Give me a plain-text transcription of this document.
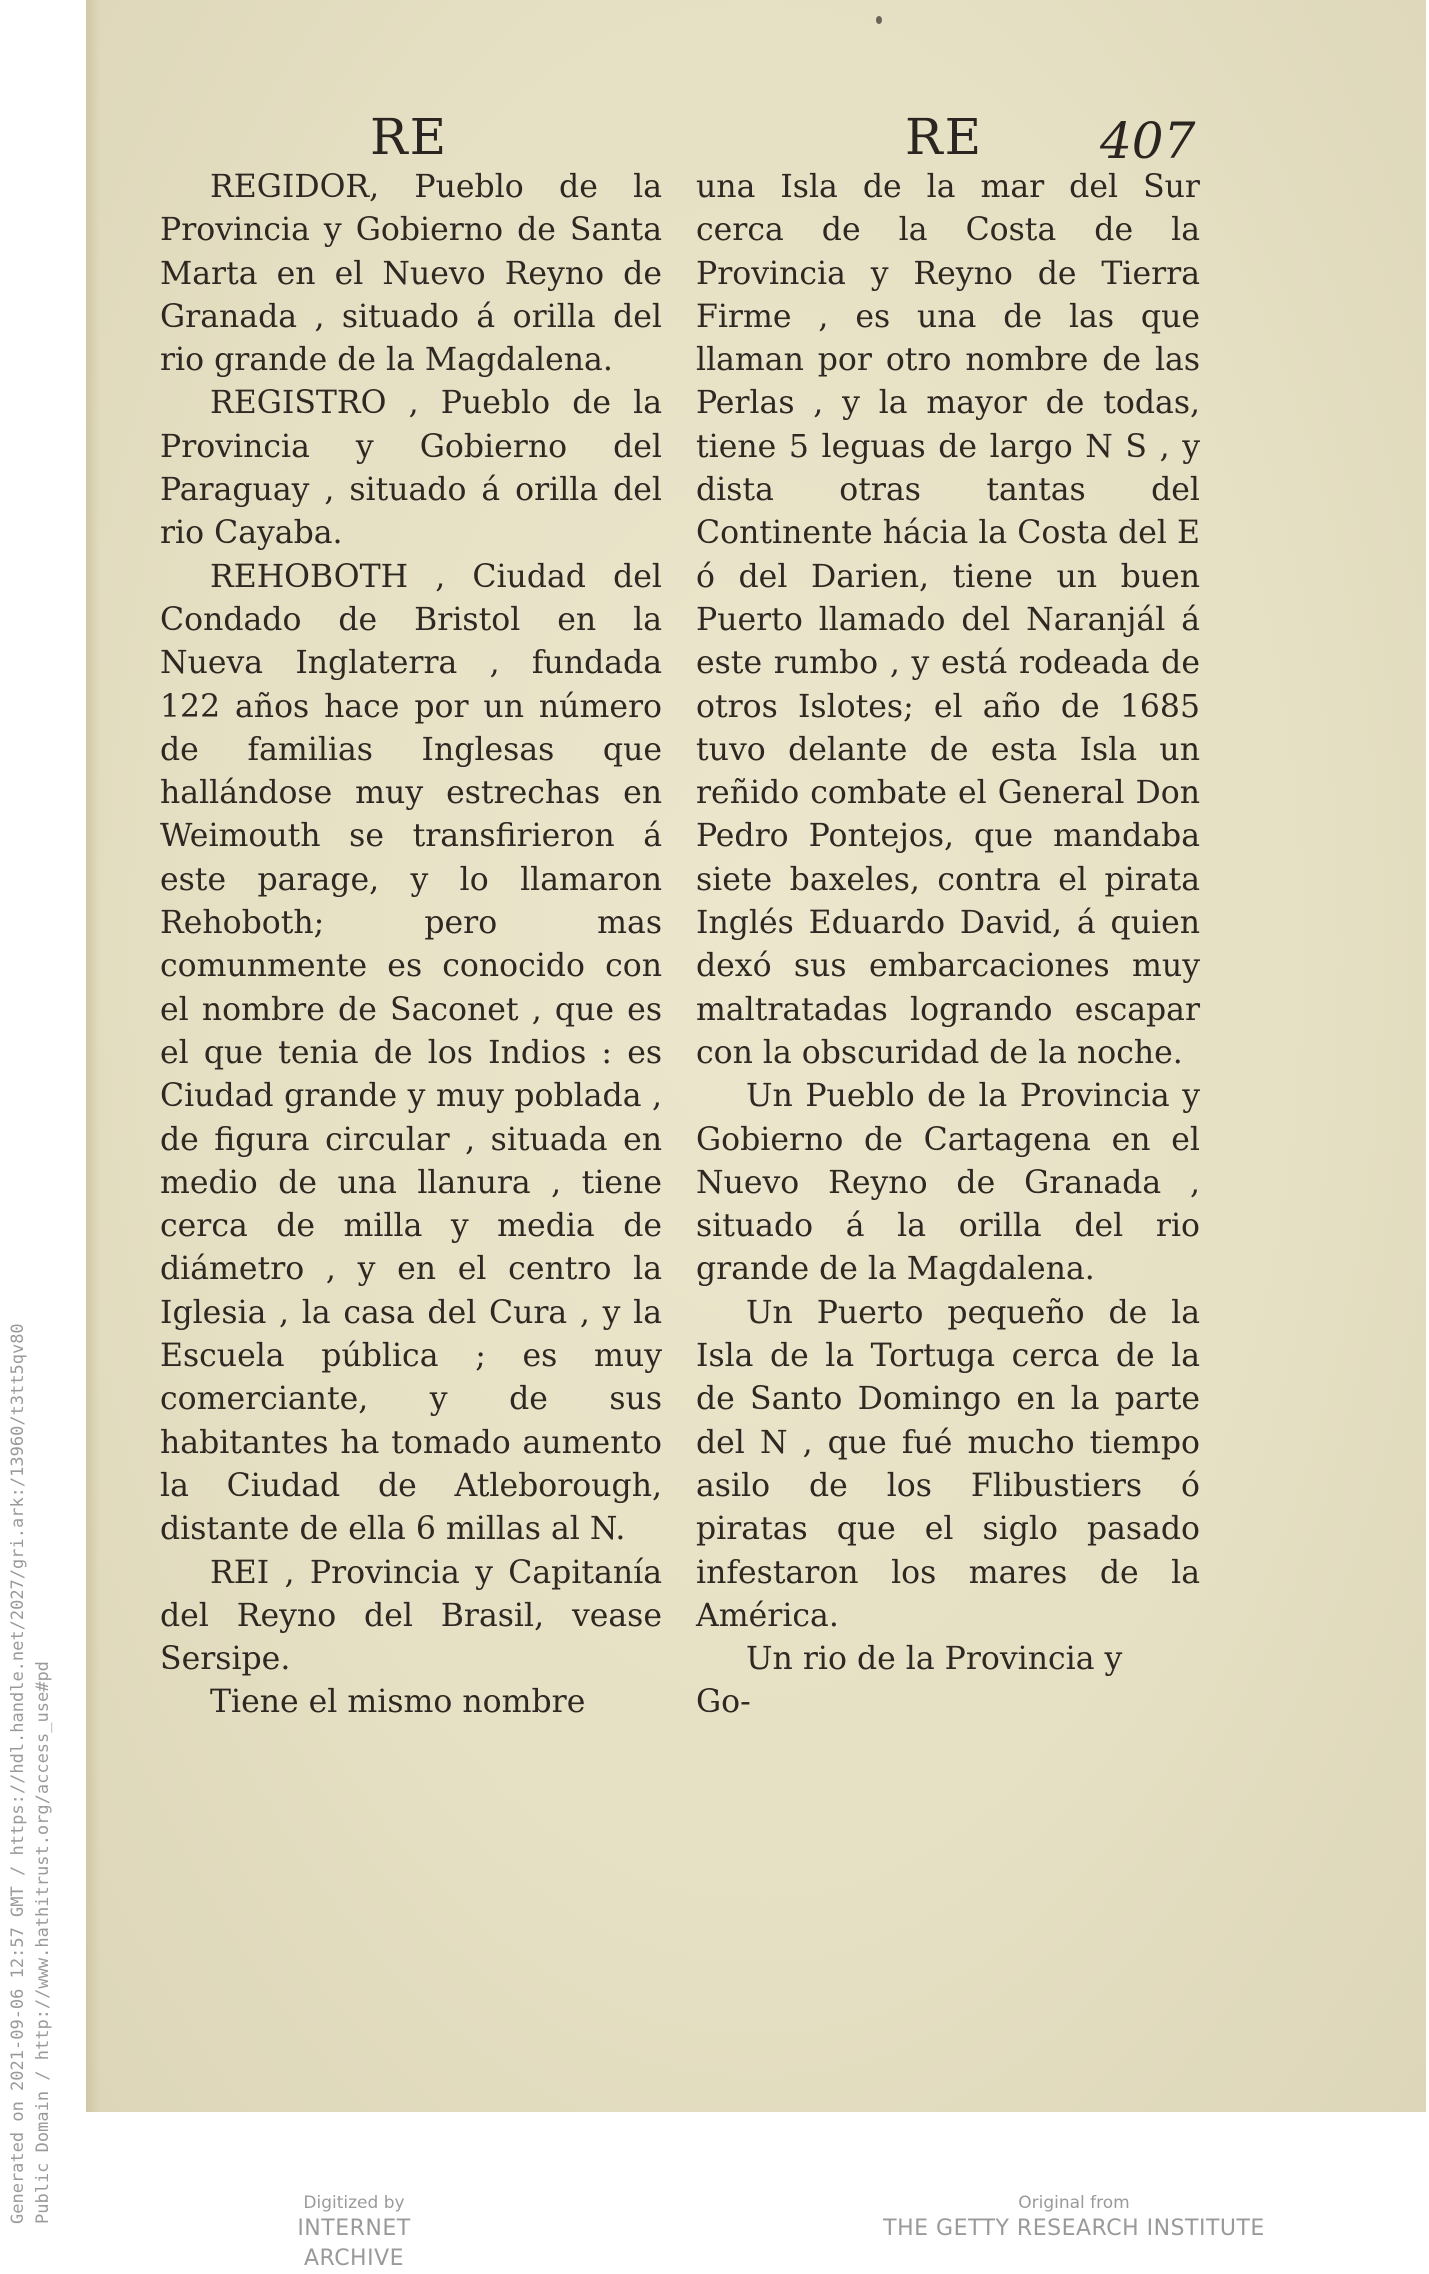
Generated on 2021-09-06 12:57 GMT / https://hdl.handle.net/2027/gri.ark:/13960/t3tt5qv80 Public Domain / http://www.hathitrust.org/access_use#pd
RE	RE 407

REGIDOR, Pueblo de la Provincia y Gobierno de Santa Marta en el Nuevo Reyno de Granada , situado á orilla del rio grande de la Magdalena.

REGISTRO , Pueblo de la Provincia y Gobierno del Paraguay , situado á orilla del rio Cayaba.

REHOBOTH , Ciudad del Condado de Bristol en la Nueva Inglaterra , fundada 122 años hace por un número de familias Inglesas que hallándose muy estrechas en Weimouth se transfirieron á este parage, y lo llamaron Rehoboth; pero mas comunmente es conocido con el nombre de Saconet , que es el que tenia de los Indios : es Ciudad grande y muy poblada , de figura circular , situada en medio de una llanura , tiene cerca de milla y media de diámetro , y en el centro la Iglesia , la casa del Cura , y la Escuela pública ; es muy comerciante, y de sus habitantes ha tomado aumento la Ciudad de Atleborough, distante de ella 6 millas al N.

REI , Provincia y Capitanía del Reyno del Brasil, vease Sersipe.

Tiene el mismo nombre

una Isla de la mar del Sur cerca de la Costa de la Provincia y Reyno de Tierra Firme , es una de las que llaman por otro nombre de las Perlas , y la mayor de todas, tiene 5 leguas de largo N S , y dista otras tantas del Continente hácia la Costa del E ó del Darien, tiene un buen Puerto llamado del Naranjál á este rumbo , y está rodeada de otros Islotes; el año de 1685 tuvo delante de esta Isla un reñido combate el General Don Pedro Pontejos, que mandaba siete baxeles, contra el pirata Inglés Eduardo David, á quien dexó sus embarcaciones muy maltratadas logrando escapar con la obscuridad de la noche.

Un Pueblo de la Provincia y Gobierno de Cartagena en el Nuevo Reyno de Granada , situado á la orilla del rio grande de la Magdalena.

Un Puerto pequeño de la Isla de la Tortuga cerca de la de Santo Domingo en la parte del N , que fué mucho tiempo asilo de los Flibustiers ó piratas que el siglo pasado infestaron los mares de la América.

Un rio de la Provincia y

Go-

Digitized by
INTERNET ARCHIVE
Original from
THE GETTY RESEARCH INSTITUTE
